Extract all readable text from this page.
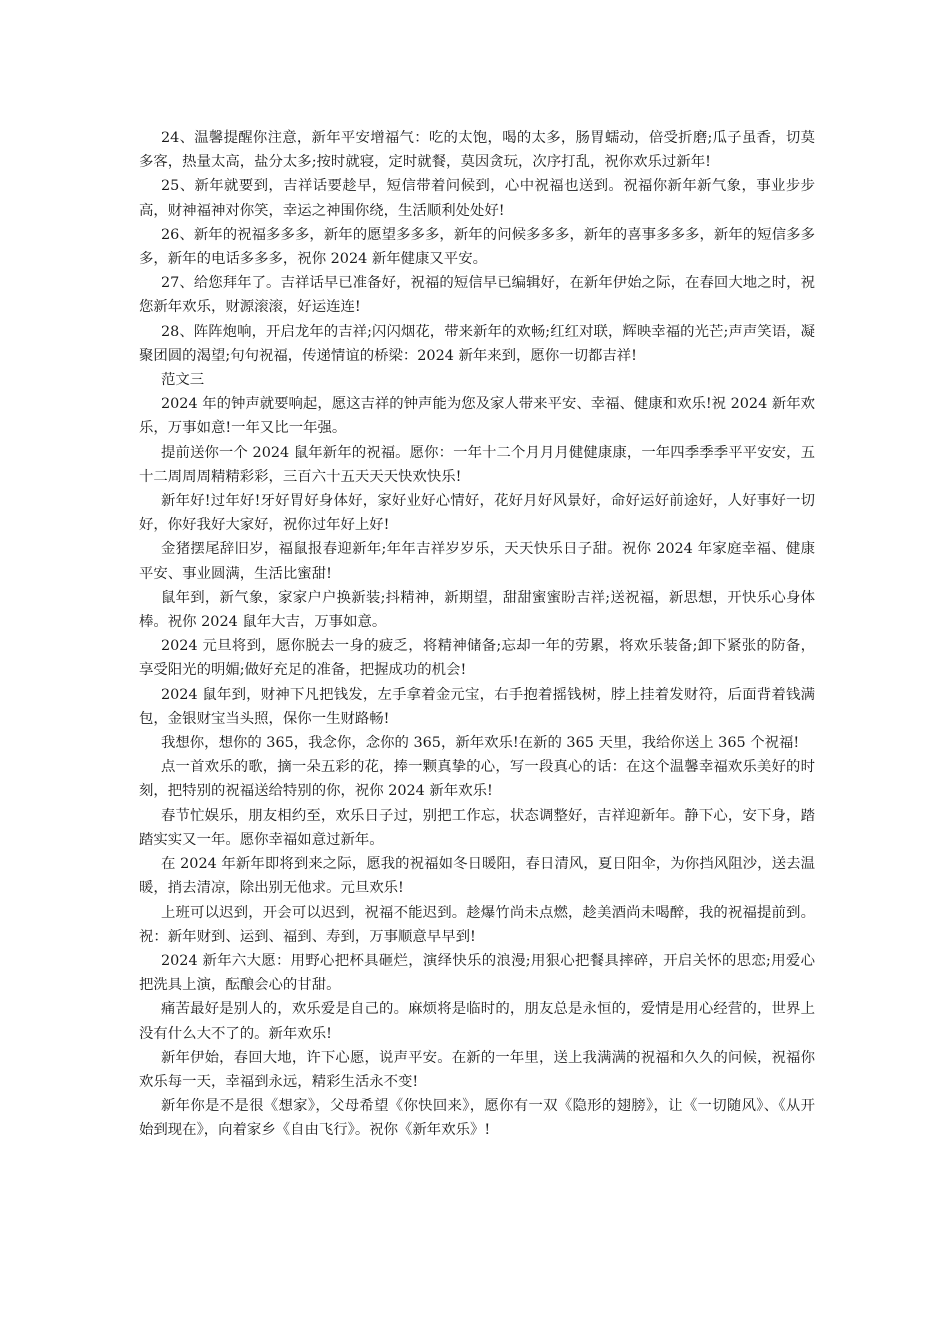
24、温馨提醒你注意，新年平安增福气：吃的太饱，喝的太多，肠胃蠕动，倍受折磨;瓜子虽香，切莫多客，热量太高，盐分太多;按时就寝，定时就餐，莫因贪玩，次序打乱，祝你欢乐过新年!

25、新年就要到，吉祥话要趁早，短信带着问候到，心中祝福也送到。祝福你新年新气象，事业步步高，财神福神对你笑，幸运之神围你绕，生活顺利处处好!

26、新年的祝福多多多，新年的愿望多多多，新年的问候多多多，新年的喜事多多多，新年的短信多多多，新年的电话多多多，祝你 2024 新年健康又平安。

27、给您拜年了。吉祥话早已准备好，祝福的短信早已编辑好，在新年伊始之际，在春回大地之时，祝您新年欢乐，财源滚滚，好运连连!

28、阵阵炮响，开启龙年的吉祥;闪闪烟花，带来新年的欢畅;红红对联，辉映幸福的光芒;声声笑语，凝聚团圆的渴望;句句祝福，传递情谊的桥梁：2024 新年来到，愿你一切都吉祥!

范文三

2024 年的钟声就要响起，愿这吉祥的钟声能为您及家人带来平安、幸福、健康和欢乐!祝 2024 新年欢乐，万事如意!一年又比一年强。

提前送你一个 2024 鼠年新年的祝福。愿你：一年十二个月月月健健康康，一年四季季季平平安安，五十二周周周精精彩彩，三百六十五天天天快欢快乐!

新年好!过年好!牙好胃好身体好，家好业好心情好，花好月好风景好，命好运好前途好，人好事好一切好，你好我好大家好，祝你过年好上好!

金猪摆尾辞旧岁，福鼠报春迎新年;年年吉祥岁岁乐，天天快乐日子甜。祝你 2024 年家庭幸福、健康平安、事业圆满，生活比蜜甜!

鼠年到，新气象，家家户户换新装;抖精神，新期望，甜甜蜜蜜盼吉祥;送祝福，新思想，开快乐心身体棒。祝你 2024 鼠年大吉，万事如意。

2024 元旦将到，愿你脱去一身的疲乏，将精神储备;忘却一年的劳累，将欢乐装备;卸下紧张的防备，享受阳光的明媚;做好充足的准备，把握成功的机会!

2024 鼠年到，财神下凡把钱发，左手拿着金元宝，右手抱着摇钱树，脖上挂着发财符，后面背着钱满包，金银财宝当头照，保你一生财路畅!

我想你，想你的 365，我念你，念你的 365，新年欢乐!在新的 365 天里，我给你送上 365 个祝福!

点一首欢乐的歌，摘一朵五彩的花，捧一颗真挚的心，写一段真心的话：在这个温馨幸福欢乐美好的时刻，把特别的祝福送给特别的你，祝你 2024 新年欢乐!

春节忙娱乐，朋友相约至，欢乐日子过，别把工作忘，状态调整好，吉祥迎新年。静下心，安下身，踏踏实实又一年。愿你幸福如意过新年。

在 2024 年新年即将到来之际，愿我的祝福如冬日暖阳，春日清风，夏日阳伞，为你挡风阻沙，送去温暖，捎去清凉，除出别无他求。元旦欢乐!

上班可以迟到，开会可以迟到，祝福不能迟到。趁爆竹尚未点燃，趁美酒尚未喝醉，我的祝福提前到。祝：新年财到、运到、福到、寿到，万事顺意早早到!

2024 新年六大愿：用野心把杯具砸烂，演绎快乐的浪漫;用狠心把餐具摔碎，开启关怀的思恋;用爱心把洗具上演，酝酿会心的甘甜。

痛苦最好是别人的，欢乐爱是自己的。麻烦将是临时的，朋友总是永恒的，爱情是用心经营的，世界上没有什么大不了的。新年欢乐!

新年伊始，春回大地，许下心愿，说声平安。在新的一年里，送上我满满的祝福和久久的问候，祝福你欢乐每一天，幸福到永远，精彩生活永不变!

新年你是不是很《想家》，父母希望《你快回来》，愿你有一双《隐形的翅膀》，让《一切随风》、《从开始到现在》，向着家乡《自由飞行》。祝你《新年欢乐》!
